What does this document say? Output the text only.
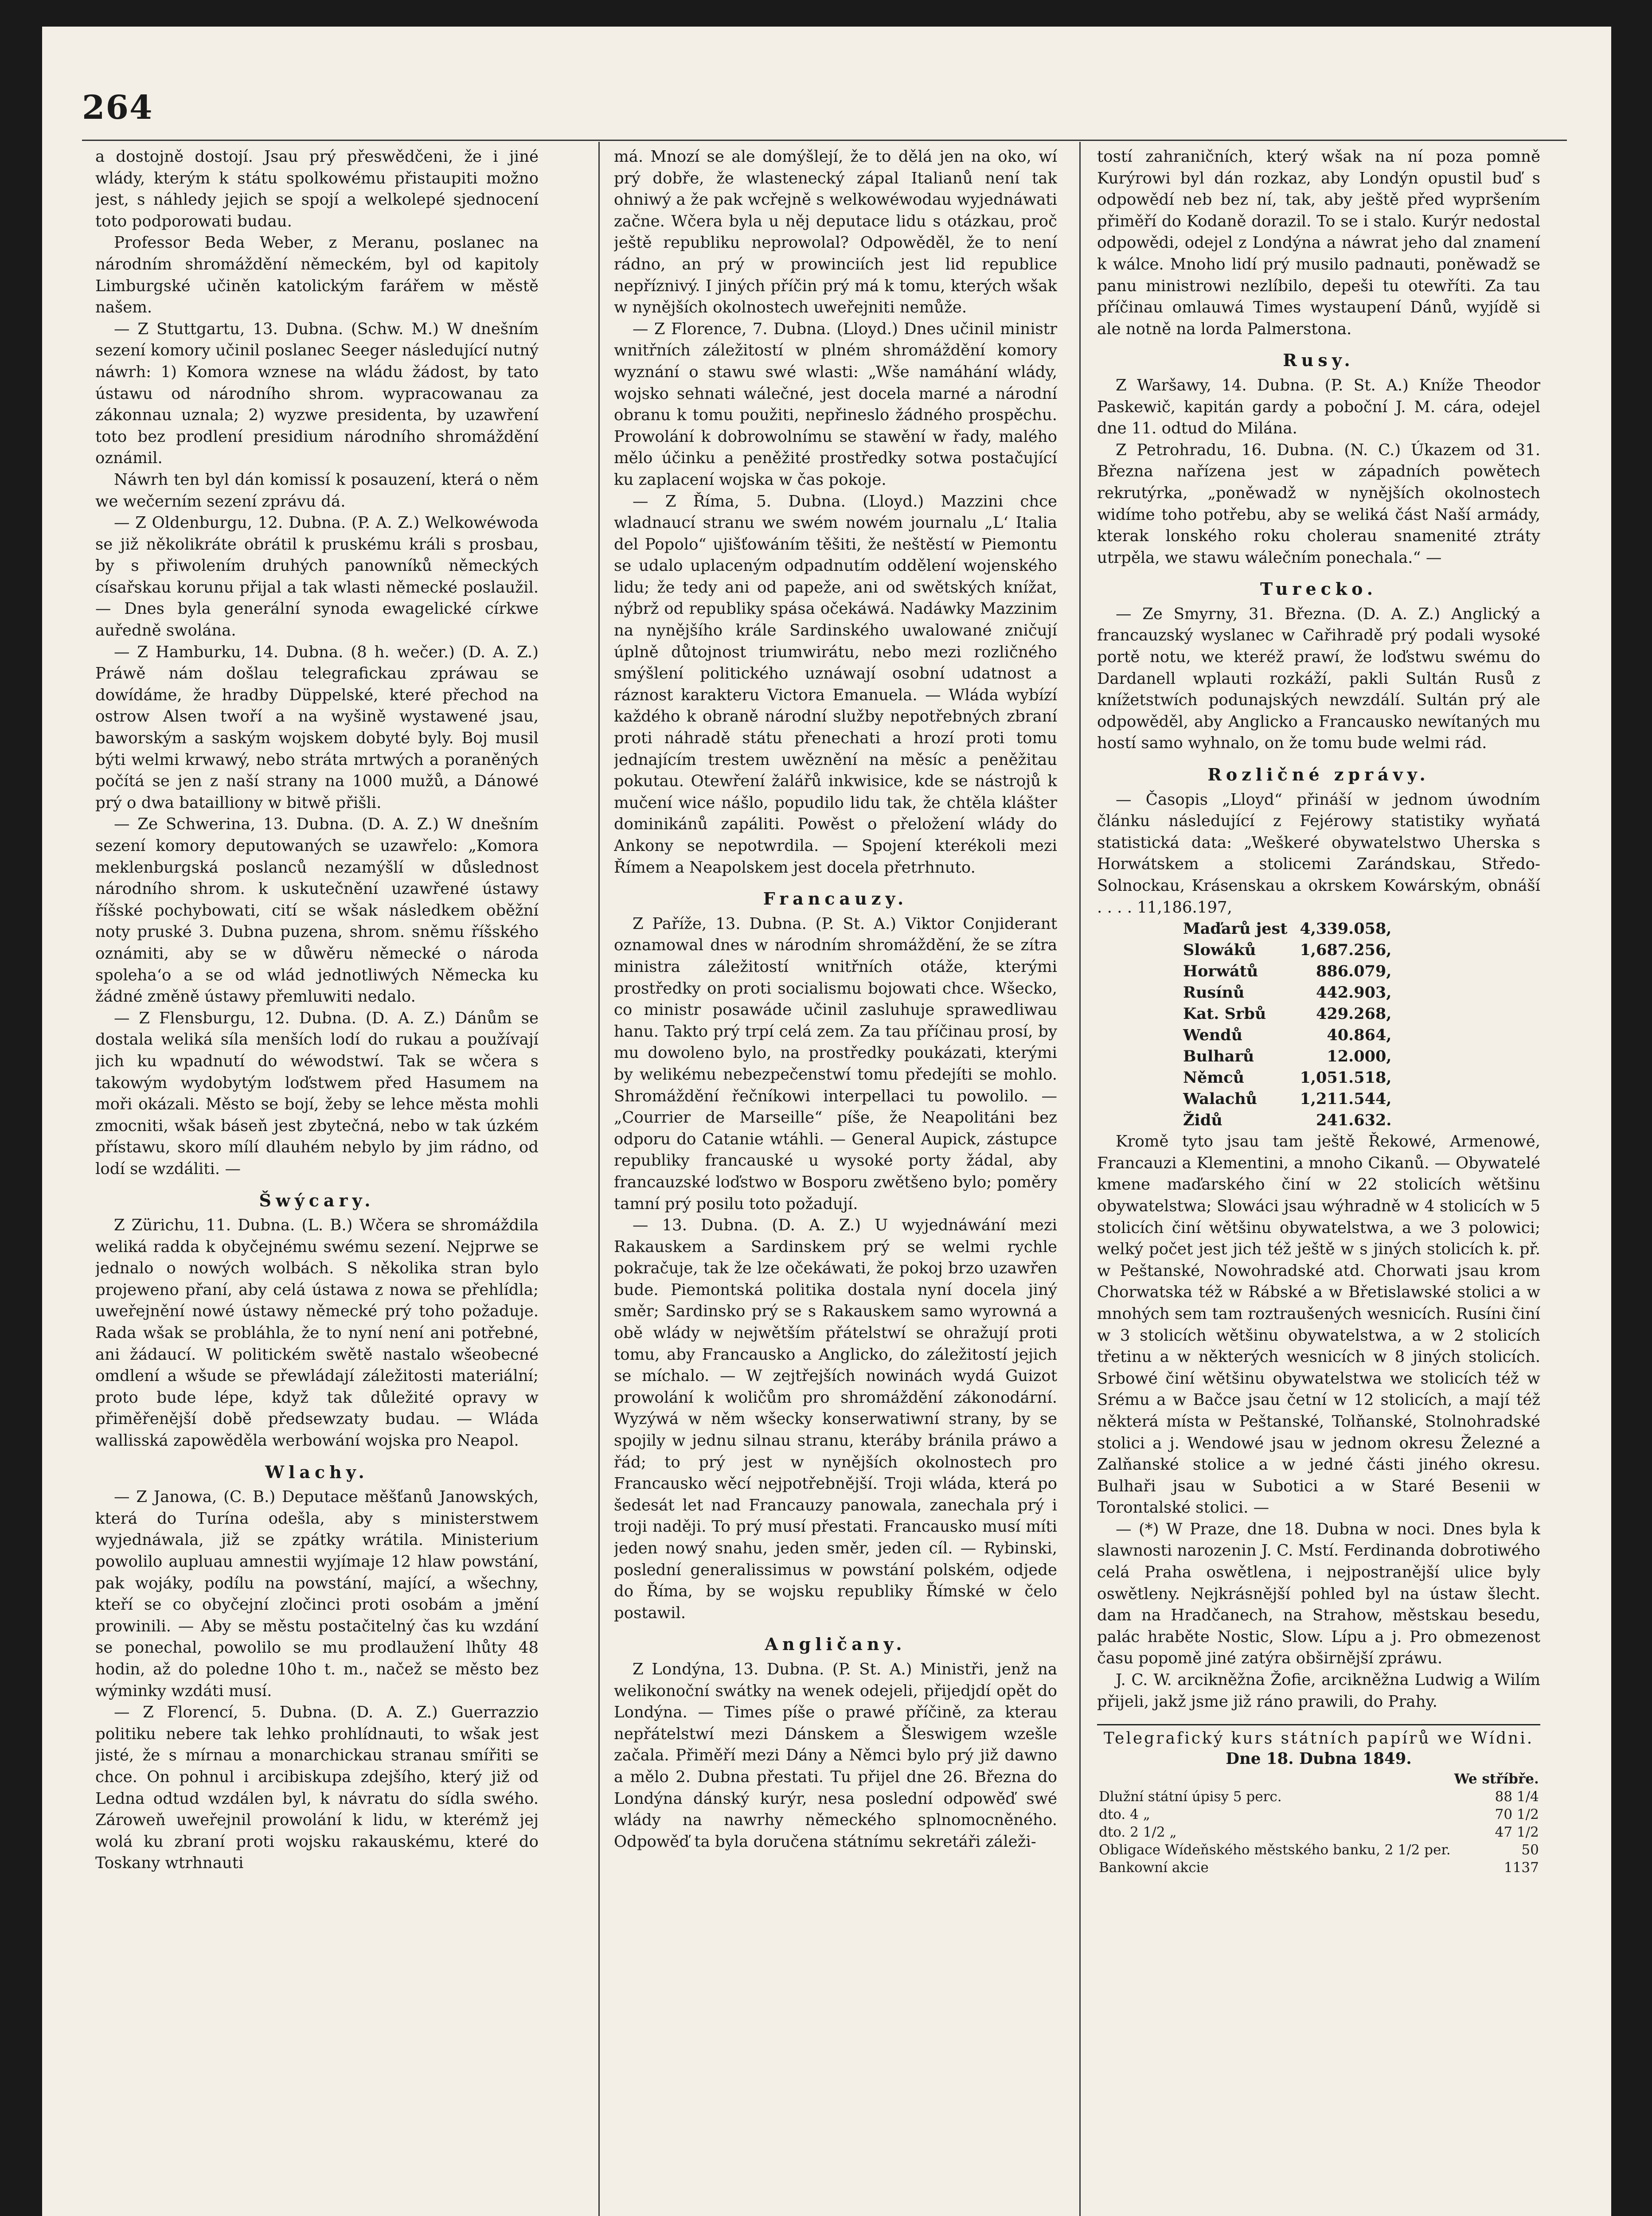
264

a dostojně dostojí. Jsau prý přeswědčeni, že i jiné wlády, kterým k státu spolkowému přistaupiti možno jest, s náhledy jejich se spojí a welkolepé sjednocení toto podporowati budau.

Professor Beda Weber, z Meranu, poslanec na národním shromáždění německém, byl od kapitoly Limburgské učiněn katolickým farářem w městě našem.

— Z Stuttgartu, 13. Dubna. (Schw. M.) W dnešním sezení komory učinil poslanec Seeger následující nutný náwrh: 1) Komora wznese na wládu žádost, by tato ústawu od národního shrom. wypracowanau za zákonnau uznala; 2) wyzwe presidenta, by uzawření toto bez prodlení presidium národního shromáždění oznámil.

Náwrh ten byl dán komissí k posauzení, která o něm we wečerním sezení zprávu dá.

— Z Oldenburgu, 12. Dubna. (P. A. Z.) Welkowéwoda se již několikráte obrátil k pruskému králi s prosbau, by s přiwolením druhých panowníků německých císařskau korunu přijal a tak wlasti německé poslaužil. — Dnes byla generální synoda ewagelické církwe auředně swolána.

— Z Hamburku, 14. Dubna. (8 h. wečer.) (D. A. Z.) Práwě nám došlau telegrafickau zpráwau se dowídáme, že hradby Düppelské, které přechod na ostrow Alsen twoří a na wyšině wystawené jsau, baworským a saským wojskem dobyté byly. Boj musil býti welmi krwawý, nebo stráta mrtwých a poraněných počítá se jen z naší strany na 1000 mužů, a Dánowé prý o dwa batailliony w bitwě přišli.

— Ze Schwerina, 13. Dubna. (D. A. Z.) W dnešním sezení komory deputowaných se uzawřelo: „Komora meklenburgská poslanců nezamýšlí w důslednost národního shrom. k uskutečnění uzawřené ústawy říšské pochybowati, cití se wšak následkem oběžní noty pruské 3. Dubna puzena, shrom. sněmu říšského oznámiti, aby se w důwěru německé o národa spoleha‘o a se od wlád jednotliwých Německa ku žádné změně ústawy přemluwiti nedalo.

— Z Flensburgu, 12. Dubna. (D. A. Z.) Dánům se dostala weliká síla menších lodí do rukau a používají jich ku wpadnutí do wéwodstwí. Tak se wčera s takowým wydobytým loďstwem před Hasumem na moři okázali. Město se bojí, žeby se lehce města mohli zmocniti, wšak báseň jest zbytečná, nebo w tak úzkém přístawu, skoro mílí dlauhém nebylo by jim rádno, od lodí se wzdáliti. —

Šwýcary.

Z Zürichu, 11. Dubna. (L. B.) Wčera se shromáždila weliká radda k obyčejnému swému sezení. Nejprwe se jednalo o nowých wolbách. S několika stran bylo projeweno přaní, aby celá ústawa z nowa se přehlídla; uweřejnění nowé ústawy německé prý toho požaduje. Rada wšak se probláhla, že to nyní není ani potřebné, ani žádaucí. W politickém swětě nastalo wšeobecné omdlení a wšude se přewládají záležitosti materiální; proto bude lépe, když tak důležité opravy w přiměřenější době předsewzaty budau. — Wláda wallisská zapowěděla werbowání wojska pro Neapol.

Wlachy.

— Z Janowa, (C. B.) Deputace měšťanů Janowských, která do Turína odešla, aby s ministerstwem wyjednáwala, již se zpátky wrátila. Ministerium powolilo aupluau amnestii wyjímaje 12 hlaw powstání, pak wojáky, podílu na powstání, mající, a wšechny, kteří se co obyčejní zločinci proti osobám a jmění prowinili. — Aby se městu postačitelný čas ku wzdání se ponechal, powolilo se mu prodlaužení lhůty 48 hodin, až do poledne 10ho t. m., načež se město bez wýminky wzdáti musí.

— Z Florencí, 5. Dubna. (D. A. Z.) Guerrazzio politiku nebere tak lehko prohlídnauti, to wšak jest jisté, že s mírnau a monarchickau stranau smířiti se chce. On pohnul i arcibiskupa zdejšího, který již od Ledna odtud wzdálen byl, k návratu do sídla swého. Zároweň uweřejnil prowolání k lidu, w kterémž jej wolá ku zbraní proti wojsku rakauskému, které do Toskany wtrhnauti

má. Mnozí se ale domýšlejí, že to dělá jen na oko, wí prý dobře, že wlastenecký zápal Italianů není tak ohniwý a že pak wcřejně s welkowéwodau wyjednáwati začne. Wčera byla u něj deputace lidu s otázkau, proč ještě republiku neprowolal? Odpowěděl, že to není rádno, an prý w prowinciích jest lid republice nepříznivý. I jiných příčin prý má k tomu, kterých wšak w nynějších okolnostech uweřejniti nemůže.

— Z Florence, 7. Dubna. (Lloyd.) Dnes učinil ministr wnitřních záležitostí w plném shromáždění komory wyznání o stawu swé wlasti: „Wše namáhání wlády, wojsko sehnati wálečné, jest docela marné a národní obranu k tomu použiti, nepřineslo žádného prospěchu. Prowolání k dobrowolnímu se stawění w řady, malého mělo účinku a peněžité prostředky sotwa postačující ku zaplacení wojska w čas pokoje.

— Z Říma, 5. Dubna. (Lloyd.) Mazzini chce wladnaucí stranu we swém nowém journalu „L‘ Italia del Popolo“ ujišťowáním těšiti, že neštěstí w Piemontu se udalo uplaceným odpadnutím oddělení wojenského lidu; že tedy ani od papeže, ani od swětských knížat, nýbrž od republiky spása očekáwá. Nadáwky Mazzinim na nynějšího krále Sardinského uwalowané zničují úplně důtojnost triumwirátu, nebo mezi rozličného smýšlení politického uznáwají osobní udatnost a ráznost karakteru Victora Emanuela. — Wláda wybízí každého k obraně národní služby nepotřebných zbraní proti náhradě státu přenechati a hrozí proti tomu jednajícím trestem uwěznění na měsíc a peněžitau pokutau. Otewření žalářů inkwisice, kde se nástrojů k mučení wice nášlo, popudilo lidu tak, že chtěla klášter dominikánů zapáliti. Powěst o přeložení wlády do Ankony se nepotwrdila. — Spojení kterékoli mezi Římem a Neapolskem jest docela přetrhnuto.

Francauzy.

Z Paříže, 13. Dubna. (P. St. A.) Viktor Conjiderant oznamowal dnes w národním shromáždění, že se zítra ministra záležitostí wnitřních otáže, kterými prostředky on proti socialismu bojowati chce. Wšecko, co ministr posawáde učinil zasluhuje sprawedliwau hanu. Takto prý trpí celá zem. Za tau příčinau prosí, by mu dowoleno bylo, na prostředky poukázati, kterými by welikému nebezpečenstwí tomu předejíti se mohlo. Shromáždění řečníkowi interpellaci tu powolilo. — „Courrier de Marseille“ píše, že Neapolitáni bez odporu do Catanie wtáhli. — General Aupick, zástupce republiky francauské u wysoké porty žádal, aby francauzské loďstwo w Bosporu zwětšeno bylo; poměry tamní prý posilu toto požadují.

— 13. Dubna. (D. A. Z.) U wyjednáwání mezi Rakauskem a Sardinskem prý se welmi rychle pokračuje, tak že lze očekáwati, že pokoj brzo uzawřen bude. Piemontská politika dostala nyní docela jiný směr; Sardinsko prý se s Rakauskem samo wyrowná a obě wlády w nejwětším přátelstwí se ohražují proti tomu, aby Francausko a Anglicko, do záležitostí jejich se míchalo. — W zejtřejších nowinách wydá Guizot prowolání k woličům pro shromáždění zákonodární. Wyzýwá w něm wšecky konserwatiwní strany, by se spojily w jednu silnau stranu, kteráby bránila práwo a řád; to prý jest w nynějších okolnostech pro Francausko wěcí nejpotřebnější. Troji wláda, která po šedesát let nad Francauzy panowala, zanechala prý i troji naději. To prý musí přestati. Francausko musí míti jeden nowý snahu, jeden směr, jeden cíl. — Rybinski, poslední generalissimus w powstání polském, odjede do Říma, by se wojsku republiky Římské w čelo postawil.

Angličany.

Z Londýna, 13. Dubna. (P. St. A.) Ministři, jenž na welikonoční swátky na wenek odejeli, přijedjdí opět do Londýna. — Times píše o prawé příčině, za kterau nepřátelstwí mezi Dánskem a Šleswigem wzešle začala. Přiměří mezi Dány a Němci bylo prý již dawno a mělo 2. Dubna přestati. Tu přijel dne 26. Března do Londýna dánský kurýr, nesa poslední odpowěď swé wlády na nawrhy německého splnomocněného. Odpowěď ta byla doručena státnímu sekretáři záleži-

tostí zahraničních, který wšak na ní poza pomně Kurýrowi byl dán rozkaz, aby Londýn opustil buď s odpowědí neb bez ní, tak, aby ještě před wypršením přiměří do Kodaně dorazil. To se i stalo. Kurýr nedostal odpowědi, odejel z Londýna a náwrat jeho dal znamení k wálce. Mnoho lidí prý musilo padnauti, poněwadž se panu ministrowi nezlíbilo, depeši tu otewříti. Za tau příčinau omlauwá Times wystaupení Dánů, wyjídě si ale notně na lorda Palmerstona.

Rusy.

Z Waršawy, 14. Dubna. (P. St. A.) Kníže Theodor Paskewič, kapitán gardy a poboční J. M. cára, odejel dne 11. odtud do Milána.

Z Petrohradu, 16. Dubna. (N. C.) Úkazem od 31. Března nařízena jest w západních powětech rekrutýrka, „poněwadž w nynějších okolnostech widíme toho potřebu, aby se weliká část Naší armády, kterak lonského roku cholerau snamenité ztráty utrpěla, we stawu wálečním ponechala.“ —

Turecko.

— Ze Smyrny, 31. Března. (D. A. Z.) Anglický a francauzský wyslanec w Cařihradě prý podali wysoké portě notu, we kteréž prawí, že loďstwu swému do Dardanell wplauti rozkáží, pakli Sultán Rusů z knížetstwích podunajských newzdálí. Sultán prý ale odpowěděl, aby Anglicko a Francausko newítaných mu hostí samo wyhnalo, on že tomu bude welmi rád.

Rozličné zprávy.

— Časopis „Lloyd“ přináší w jednom úwodním článku následující z Fejérowy statistiky wyňatá statistická data: „Weškeré obywatelstwo Uherska s Horwátskem a stolicemi Zarándskau, Středo-Solnockau, Krásenskau a okrskem Kowárským, obnáší . . . . 11,186.197,

Maďarů jest	4,339.058,
Slowáků	1,687.256,
Horwátů	886.079,
Rusínů	442.903,
Kat. Srbů	429.268,
Wendů	40.864,
Bulharů	12.000,
Němců	1,051.518,
Walachů	1,211.544,
Židů	241.632.

Kromě tyto jsau tam ještě Řekowé, Armenowé, Francauzi a Klementini, a mnoho Cikanů. — Obywatelé kmene maďarského činí w 22 stolicích wětšinu obywatelstwa; Slowáci jsau wýhradně w 4 stolicích w 5 stolicích činí wětšinu obywatelstwa, a we 3 polowici; welký počet jest jich též ještě w s jiných stolicích k. př. w Peštanské, Nowohradské atd. Chorwati jsau krom Chorwatska též w Rábské a w Břetislawské stolici a w mnohých sem tam roztraušených wesnicích. Rusíni činí w 3 stolicích wětšinu obywatelstwa, a w 2 stolicích třetinu a w některých wesnicích w 8 jiných stolicích. Srbowé činí wětšinu obywatelstwa we stolicích též w Srému a w Bačce jsau četní w 12 stolicích, a mají též některá místa w Peštanské, Tolňanské, Stolnohradské stolici a j. Wendowé jsau w jednom okresu Železné a Zalňanské stolice a w jedné části jiného okresu. Bulhaři jsau w Subotici a w Staré Besenii w Torontalské stolici. —

— (*) W Praze, dne 18. Dubna w noci. Dnes byla k slawnosti narozenin J. C. Mstí. Ferdinanda dobrotiwého celá Praha oswětlena, i nejpostranější ulice byly oswětleny. Nejkrásnější pohled byl na ústaw šlecht. dam na Hradčanech, na Strahow, městskau besedu, palác hraběte Nostic, Slow. Lípu a j. Pro obmezenost času popomě jiné zatýra obširnější zpráwu.

J. C. W. arcikněžna Žofie, arcikněžna Ludwig a Wilím přijeli, jakž jsme již ráno prawili, do Prahy.

Telegrafický kurs státních papírů we Wídni.

Dne 18. Dubna 1849.

	We stříbře.
Dlužní státní úpisy 5 perc.	88 1/4
dto. 4 „	70 1/2
dto. 2 1/2 „	47 1/2
Obligace Wídeňského městského banku, 2 1/2 per.	50
Bankowní akcie	1137
